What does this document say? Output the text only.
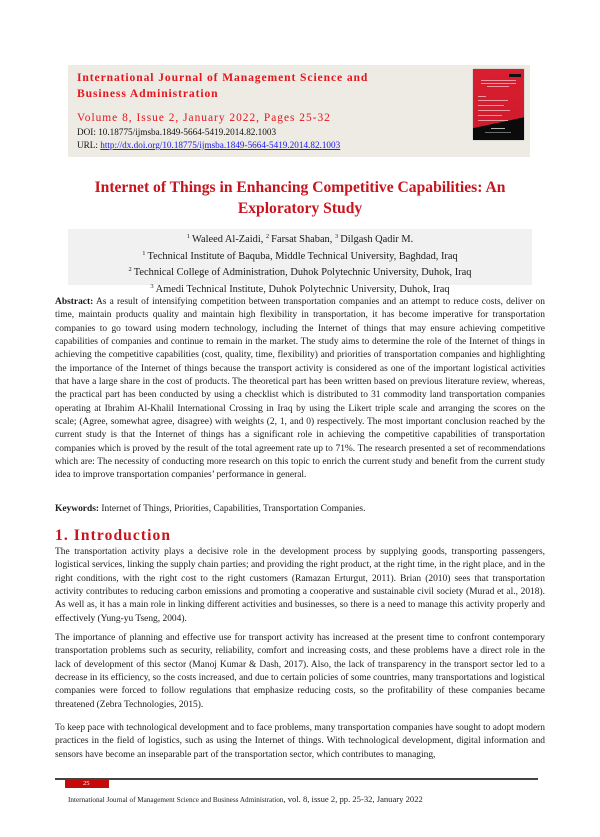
International Journal of Management Science and Business Administration
Volume 8, Issue 2, January 2022, Pages 25-32
DOI: 10.18775/ijmsba.1849-5664-5419.2014.82.1003
URL: http://dx.doi.org/10.18775/ijmsba.1849-5664-5419.2014.82.1003
Internet of Things in Enhancing Competitive Capabilities: An Exploratory Study
$^1$ Waleed Al-Zaidi, $^2$ Farsat Shaban, $^3$ Dilgash Qadir M.
$^1$ Technical Institute of Baquba, Middle Technical University, Baghdad, Iraq
$^2$ Technical College of Administration, Duhok Polytechnic University, Duhok, Iraq
$^3$ Amedi Technical Institute, Duhok Polytechnic University, Duhok, Iraq
Abstract: As a result of intensifying competition between transportation companies and an attempt to reduce costs, deliver on time, maintain products quality and maintain high flexibility in transportation, it has become imperative for transportation companies to go toward using modern technology, including the Internet of things that may ensure achieving competitive capabilities of companies and continue to remain in the market. The study aims to determine the role of the Internet of things in achieving the competitive capabilities (cost, quality, time, flexibility) and priorities of transportation companies and highlighting the importance of the Internet of things because the transport activity is considered as one of the important logistical activities that have a large share in the cost of products. The theoretical part has been written based on previous literature review, whereas, the practical part has been conducted by using a checklist which is distributed to 31 commodity land transportation companies operating at Ibrahim Al-Khalil International Crossing in Iraq by using the Likert triple scale and arranging the scores on the scale; (Agree, somewhat agree, disagree) with weights (2, 1, and 0) respectively. The most important conclusion reached by the current study is that the Internet of things has a significant role in achieving the competitive capabilities of transportation companies which is proved by the result of the total agreement rate up to 71%. The research presented a set of recommendations which are: The necessity of conducting more research on this topic to enrich the current study and benefit from the current study idea to improve transportation companies’ performance in general.
Keywords: Internet of Things, Priorities, Capabilities, Transportation Companies.
1. Introduction
The transportation activity plays a decisive role in the development process by supplying goods, transporting passengers, logistical services, linking the supply chain parties; and providing the right product, at the right time, in the right place, and in the right conditions, with the right cost to the right customers (Ramazan Erturgut, 2011). Brian (2010) sees that transportation activity contributes to reducing carbon emissions and promoting a cooperative and sustainable civil society (Murad et al., 2018). As well as, it has a main role in linking different activities and businesses, so there is a need to manage this activity properly and effectively (Yung-yu Tseng, 2004).
The importance of planning and effective use for transport activity has increased at the present time to confront contemporary transportation problems such as security, reliability, comfort and increasing costs, and these problems have a direct role in the lack of development of this sector (Manoj Kumar & Dash, 2017). Also, the lack of transparency in the transport sector led to a decrease in its efficiency, so the costs increased, and due to certain policies of some countries, many transportations and logistical companies were forced to follow regulations that emphasize reducing costs, so the profitability of these companies became threatened (Zebra Technologies, 2015).
To keep pace with technological development and to face problems, many transportation companies have sought to adopt modern practices in the field of logistics, such as using the Internet of things. With technological development, digital information and sensors have become an inseparable part of the transportation sector, which contributes to managing,
25
International Journal of Management Science and Business Administration, vol. 8, issue 2, pp. 25-32, January 2022
